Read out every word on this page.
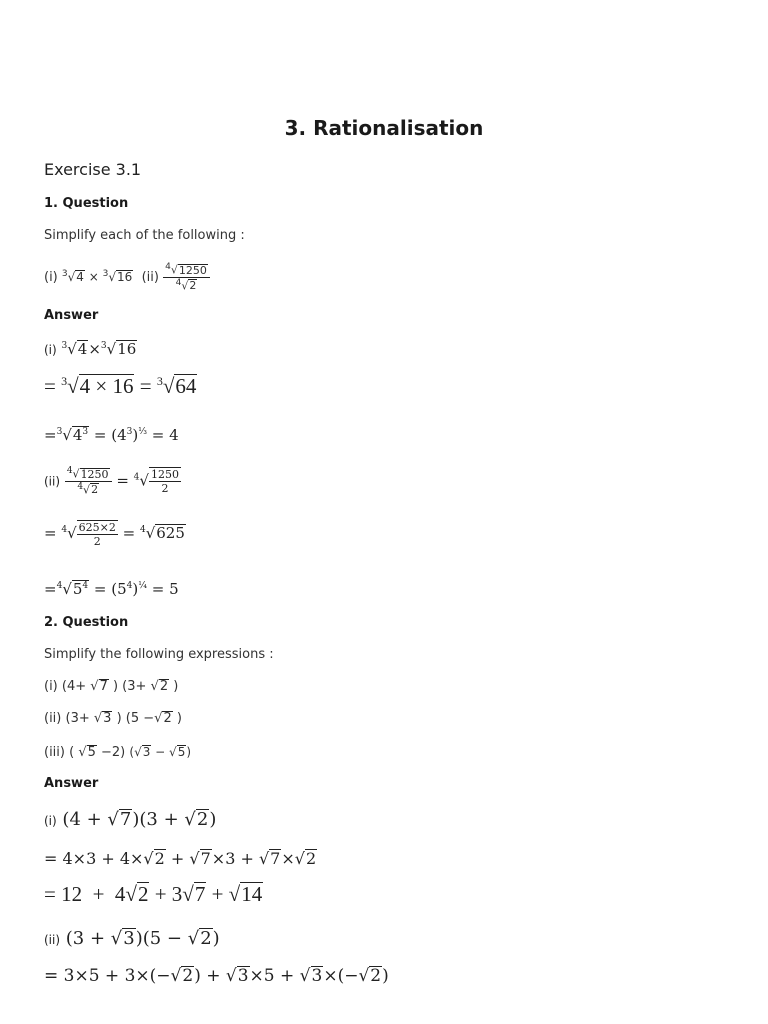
3. Rationalisation
Exercise 3.1
1. Question
Simplify each of the following :
(i) $^3$√4 × $^3$√16 $(ii) \frac{^4√1250}{^4√2}$
Answer
(i) $^3$√4×$^3$√16
= $^3$√4 × 16 = $^3$√64
$=^3√4^3 = (4^3)^{\frac{1}{3}} = 4$
$(ii) \frac{^4√1250}{^4√2} = ^4√ \frac{1250}{2}$
= $^4√ \frac{625\times 2}{2} = ^4√625$
$=^4√5^4 = (5^4)^{\frac{1}{4}} = 5$
2. Question
Simplify the following expressions :
(i) (4+ √7 ) (3+ √2 )
(ii) (3+ √3 ) (5 −√2 )
(iii) ( √5 −2) (√3 − √5)
Answer
(i) (4 + √7)(3 + √2)
= 4×3 + 4×√2 + √7×3 + √7×√2
= 12  +  4√2 + 3√7 + √14
(ii) (3 + √3)(5 − √2)
= 3×5 + 3×(−√2) + √3×5 + √3×(−√2)
